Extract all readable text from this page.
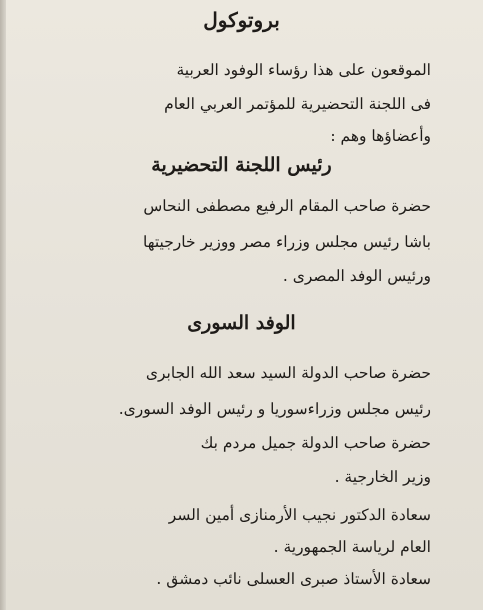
بروتوكول
الموقعون على هذا رؤساء الوفود العربية
فى اللجنة التحضيرية للمؤتمر العربي العام
وأعضاؤها وهم :
رئيس اللجنة التحضيرية
حضرة صاحب المقام الرفيع مصطفى النحاس
باشا رئيس مجلس وزراء مصر ووزير خارجيتها
ورئيس الوفد المصرى .
الوفد السورى
حضرة صاحب الدولة السيد سعد الله الجابرى
رئيس مجلس وزراءسوريا و رئيس الوفد السورى.
حضرة صاحب الدولة جميل مردم بك
وزير الخارجية .
سعادة الدكتور نجيب الأرمنازى أمين السر
العام لرياسة الجمهورية .
سعادة الأستاذ صبرى العسلى نائب دمشق .
